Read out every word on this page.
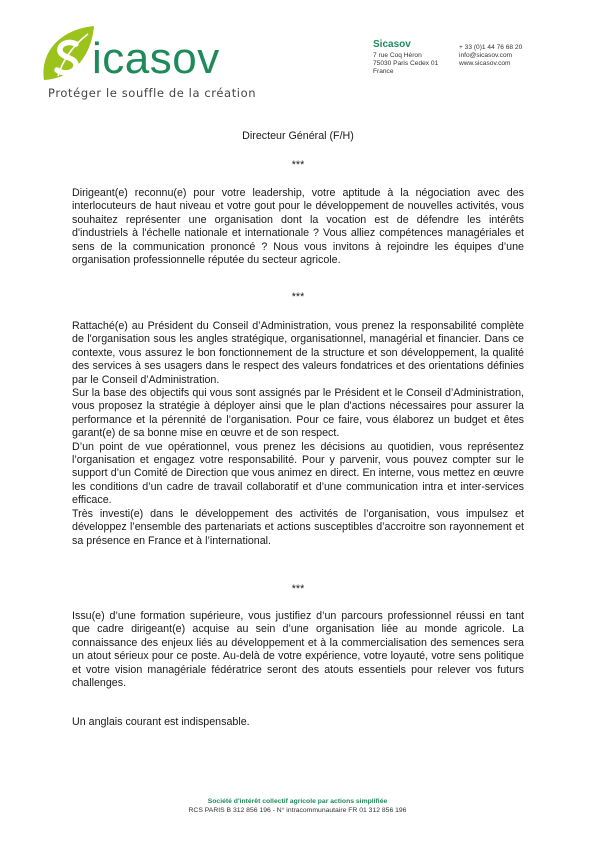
icasov
Protéger le souffle de la création
Sicasov
7 rue Coq Héron
75030 Paris Cedex 01
France
+ 33 (0)1 44 76 68 20
info@sicasov.com
www.sicasov.com
Directeur Général (F/H)
***

Dirigeant(e) reconnu(e) pour votre leadership, votre aptitude à la négociation avec des interlocuteurs de haut niveau et votre gout pour le développement de nouvelles activités, vous souhaitez représenter une organisation dont la vocation est de défendre les intérêts d'industriels à l'échelle nationale et internationale ? Vous alliez compétences managériales et sens de la communication prononcé ? Nous vous invitons à rejoindre les équipes d’une organisation professionnelle réputée du secteur agricole.

***

Rattaché(e) au Président du Conseil d’Administration, vous prenez la responsabilité complète de l'organisation sous les angles stratégique, organisationnel, managérial et financier. Dans ce contexte, vous assurez le bon fonctionnement de la structure et son développement, la qualité des services à ses usagers dans le respect des valeurs fondatrices et des orientations définies par le Conseil d’Administration.

Sur la base des objectifs qui vous sont assignés par le Président et le Conseil d’Administration, vous proposez la stratégie à déployer ainsi que le plan d'actions nécessaires pour assurer la performance et la pérennité de l’organisation. Pour ce faire, vous élaborez un budget et êtes garant(e) de sa bonne mise en œuvre et de son respect.

D’un point de vue opérationnel, vous prenez les décisions au quotidien, vous représentez l’organisation et engagez votre responsabilité. Pour y parvenir, vous pouvez compter sur le support d’un Comité de Direction que vous animez en direct. En interne, vous mettez en œuvre les conditions d’un cadre de travail collaboratif et d’une communication intra et inter-services efficace.

Très investi(e) dans le développement des activités de l’organisation, vous impulsez et développez l’ensemble des partenariats et actions susceptibles d’accroitre son rayonnement et sa présence en France et à l’international.

***

Issu(e) d’une formation supérieure, vous justifiez d’un parcours professionnel réussi en tant que cadre dirigeant(e) acquise au sein d’une organisation liée au monde agricole. La connaissance des enjeux liés au développement et à la commercialisation des semences sera un atout sérieux pour ce poste. Au-delà de votre expérience, votre loyauté, votre sens politique et votre vision managériale fédératrice seront des atouts essentiels pour relever vos futurs challenges.

Un anglais courant est indispensable.

Société d'intérêt collectif agricole par actions simplifiée
RCS PARIS B 312 856 196 - N° intracommunautaire FR 01 312 856 196
